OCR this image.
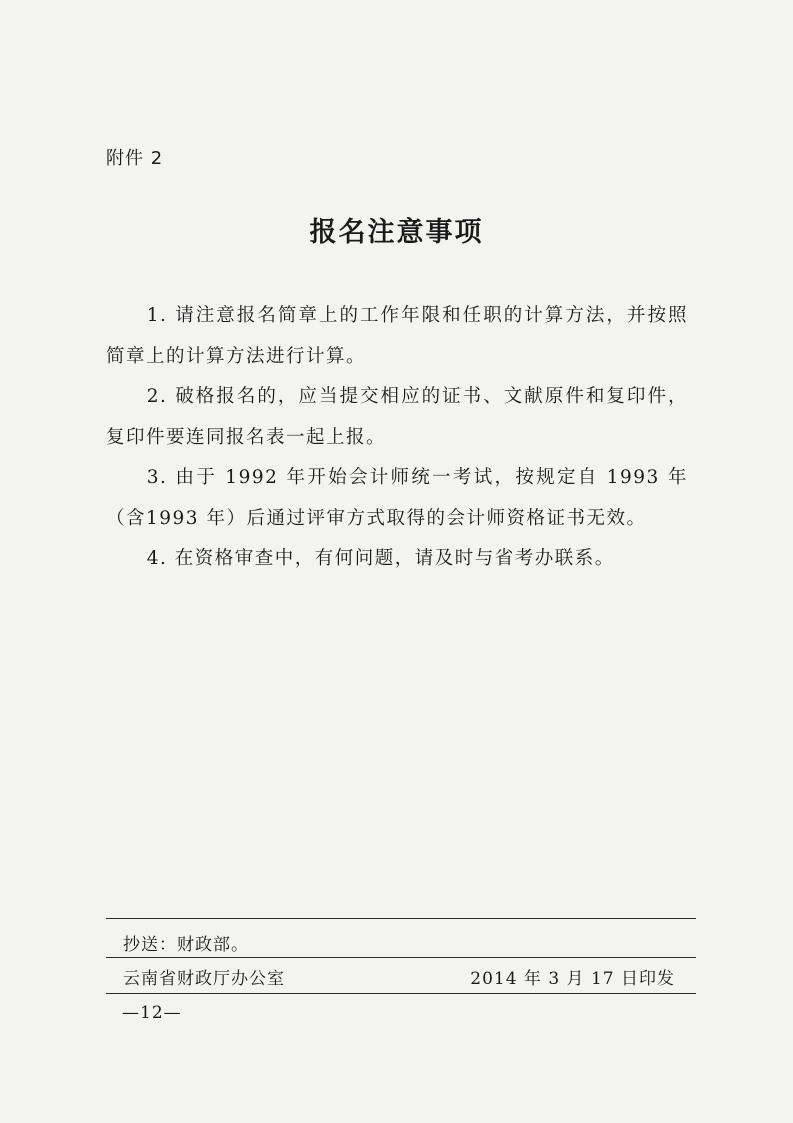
附件 2
报名注意事项

1. 请注意报名简章上的工作年限和任职的计算方法，并按照简章上的计算方法进行计算。

2. 破格报名的，应当提交相应的证书、文献原件和复印件，复印件要连同报名表一起上报。

3. 由于 1992 年开始会计师统一考试，按规定自 1993 年（含1993 年）后通过评审方式取得的会计师资格证书无效。

4. 在资格审查中，有何问题，请及时与省考办联系。

抄送：财政部。
云南省财政厅办公室	2014 年 3 月 17 日印发
—12—
